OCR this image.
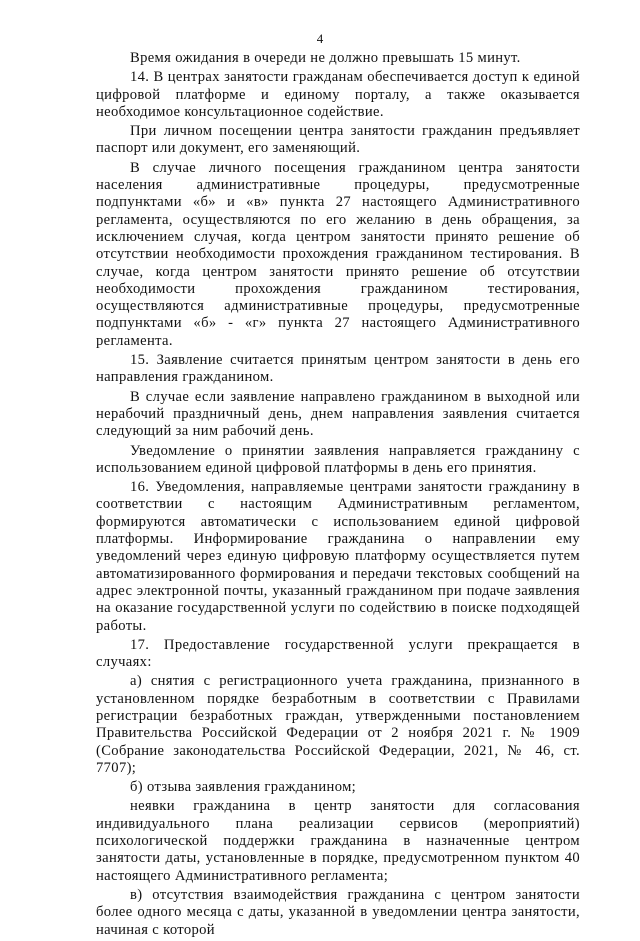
4

Время ожидания в очереди не должно превышать 15 минут.

14. В центрах занятости гражданам обеспечивается доступ к единой цифровой платформе и единому порталу, а также оказывается необходимое консультационное содействие.

При личном посещении центра занятости гражданин предъявляет паспорт или документ, его заменяющий.

В случае личного посещения гражданином центра занятости населения административные процедуры, предусмотренные подпунктами «б» и «в» пункта 27 настоящего Административного регламента, осуществляются по его желанию в день обращения, за исключением случая, когда центром занятости принято решение об отсутствии необходимости прохождения гражданином тестирования. В случае, когда центром занятости принято решение об отсутствии необходимости прохождения гражданином тестирования, осуществляются административные процедуры, предусмотренные подпунктами «б» - «г» пункта 27 настоящего Административного регламента.

15. Заявление считается принятым центром занятости в день его направления гражданином.

В случае если заявление направлено гражданином в выходной или нерабочий праздничный день, днем направления заявления считается следующий за ним рабочий день.

Уведомление о принятии заявления направляется гражданину с использованием единой цифровой платформы в день его принятия.

16. Уведомления, направляемые центрами занятости гражданину в соответствии с настоящим Административным регламентом, формируются автоматически с использованием единой цифровой платформы. Информирование гражданина о направлении ему уведомлений через единую цифровую платформу осуществляется путем автоматизированного формирования и передачи текстовых сообщений на адрес электронной почты, указанный гражданином при подаче заявления на оказание государственной услуги по содействию в поиске подходящей работы.

17. Предоставление государственной услуги прекращается в случаях:

а) снятия с регистрационного учета гражданина, признанного в установленном порядке безработным в соответствии с Правилами регистрации безработных граждан, утвержденными постановлением Правительства Российской Федерации от 2 ноября 2021 г. № 1909 (Собрание законодательства Российской Федерации, 2021, № 46, ст. 7707);

б) отзыва заявления гражданином;

неявки гражданина в центр занятости для согласования индивидуального плана реализации сервисов (мероприятий) психологической поддержки гражданина в назначенные центром занятости даты, установленные в порядке, предусмотренном пунктом 40 настоящего Административного регламента;

в) отсутствия взаимодействия гражданина с центром занятости более одного месяца с даты, указанной в уведомлении центра занятости, начиная с которой
